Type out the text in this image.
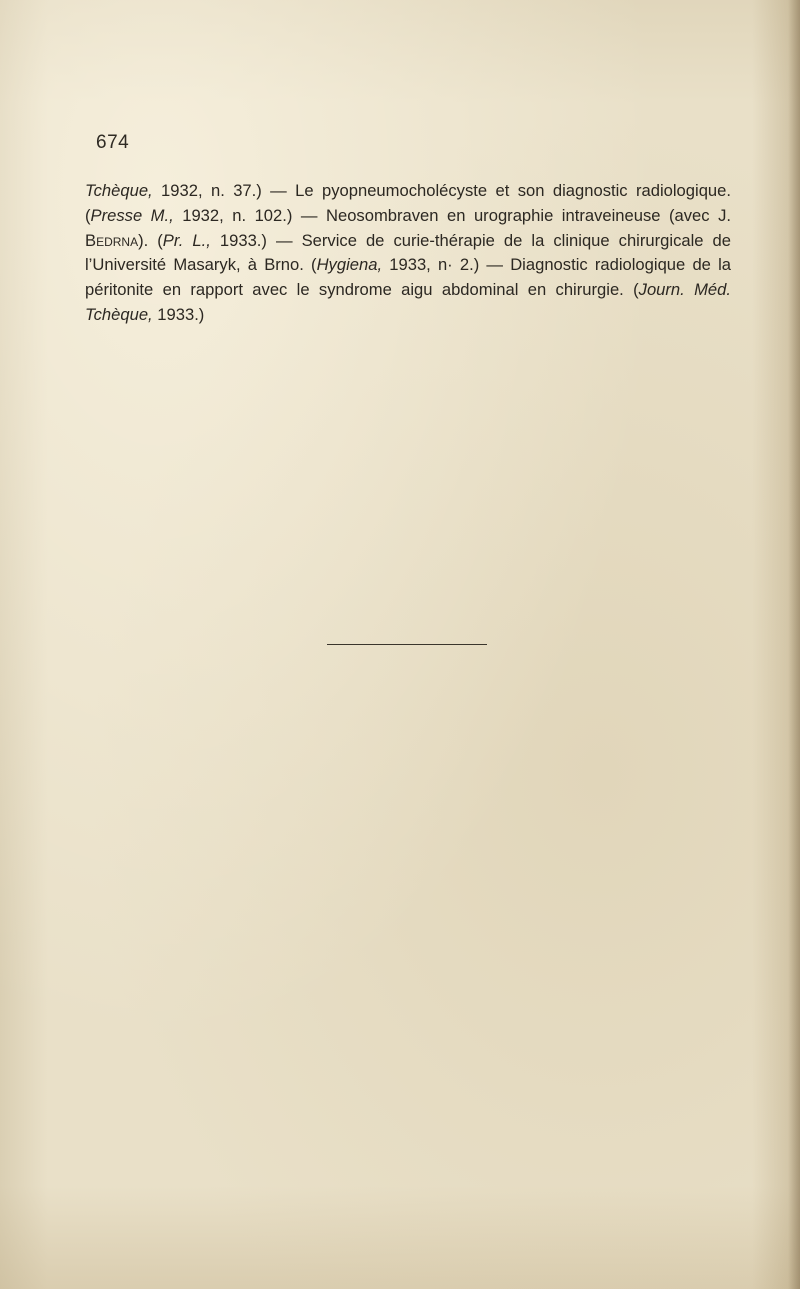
674

Tchèque, 1932, n. 37.) — Le pyopneumocholécyste et son diagnostic radiologique. (Presse M., 1932, n. 102.) — Neosombraven en urographie intraveineuse (avec J. Bedrna). (Pr. L., 1933.) — Service de curie-thérapie de la clinique chirurgicale de l’Université Masaryk, à Brno. (Hygiena, 1933, n· 2.) — Diagnostic radiologique de la péritonite en rapport avec le syndrome aigu abdominal en chirurgie. (Journ. Méd. Tchèque, 1933.)
